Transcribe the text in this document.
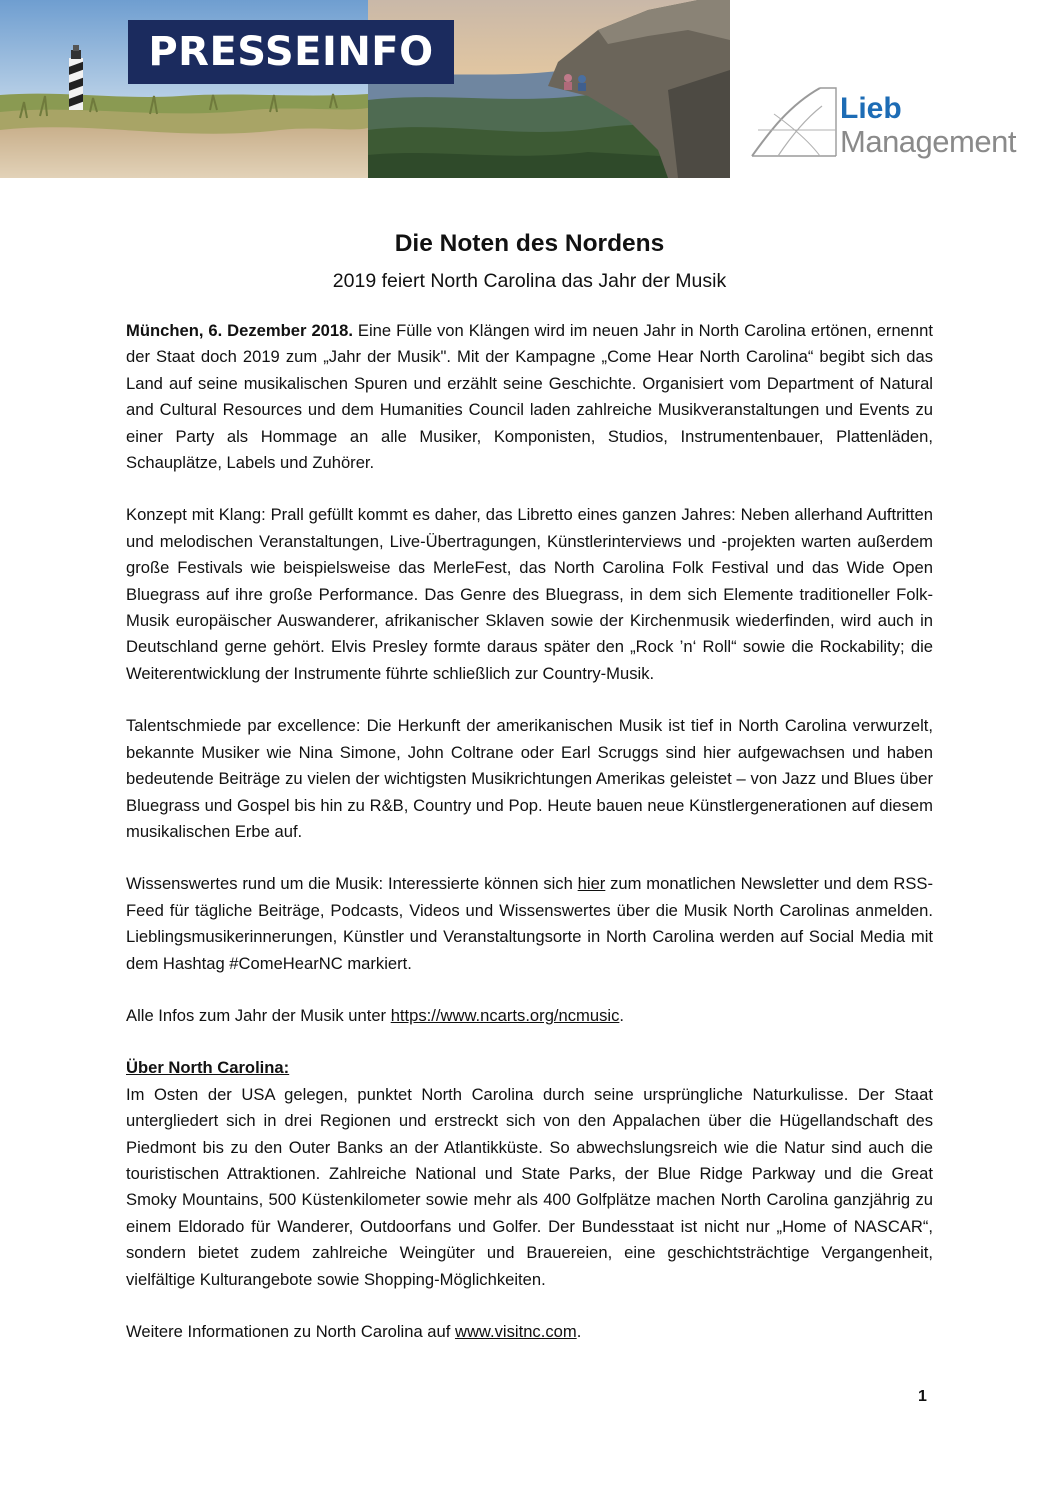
PRESSEINFO
Lieb
Management
Die Noten des Nordens
2019 feiert North Carolina das Jahr der Musik

München, 6. Dezember 2018. Eine Fülle von Klängen wird im neuen Jahr in North Carolina ertönen, ernennt der Staat doch 2019 zum „Jahr der Musik". Mit der Kampagne „Come Hear North Carolina“ begibt sich das Land auf seine musikalischen Spuren und erzählt seine Geschichte. Organisiert vom Department of Natural and Cultural Resources und dem Humanities Council laden zahlreiche Musikveranstaltungen und Events zu einer Party als Hommage an alle Musiker, Komponisten, Studios, Instrumentenbauer, Plattenläden, Schauplätze, Labels und Zuhörer.

Konzept mit Klang: Prall gefüllt kommt es daher, das Libretto eines ganzen Jahres: Neben allerhand Auftritten und melodischen Veranstaltungen, Live-Übertragungen, Künstlerinterviews und -projekten warten außerdem große Festivals wie beispielsweise das MerleFest, das North Carolina Folk Festival und das Wide Open Bluegrass auf ihre große Performance. Das Genre des Bluegrass, in dem sich Elemente traditioneller Folk-Musik europäischer Auswanderer, afrikanischer Sklaven sowie der Kirchenmusik wiederfinden, wird auch in Deutschland gerne gehört. Elvis Presley formte daraus später den „Rock ’n‘ Roll“ sowie die Rockability; die Weiterentwicklung der Instrumente führte schließlich zur Country-Musik.

Talentschmiede par excellence: Die Herkunft der amerikanischen Musik ist tief in North Carolina verwurzelt, bekannte Musiker wie Nina Simone, John Coltrane oder Earl Scruggs sind hier aufgewachsen und haben bedeutende Beiträge zu vielen der wichtigsten Musikrichtungen Amerikas geleistet – von Jazz und Blues über Bluegrass und Gospel bis hin zu R&B, Country und Pop. Heute bauen neue Künstlergenerationen auf diesem musikalischen Erbe auf.

Wissenswertes rund um die Musik: Interessierte können sich hier zum monatlichen Newsletter und dem RSS-Feed für tägliche Beiträge, Podcasts, Videos und Wissenswertes über die Musik North Carolinas anmelden. Lieblingsmusikerinnerungen, Künstler und Veranstaltungsorte in North Carolina werden auf Social Media mit dem Hashtag #ComeHearNC markiert.

Alle Infos zum Jahr der Musik unter https://www.ncarts.org/ncmusic.

Über North Carolina:

Im Osten der USA gelegen, punktet North Carolina durch seine ursprüngliche Naturkulisse. Der Staat untergliedert sich in drei Regionen und erstreckt sich von den Appalachen über die Hügellandschaft des Piedmont bis zu den Outer Banks an der Atlantikküste. So abwechslungsreich wie die Natur sind auch die touristischen Attraktionen. Zahlreiche National und State Parks, der Blue Ridge Parkway und die Great Smoky Mountains, 500 Küstenkilometer sowie mehr als 400 Golfplätze machen North Carolina ganzjährig zu einem Eldorado für Wanderer, Outdoorfans und Golfer. Der Bundesstaat ist nicht nur „Home of NASCAR“, sondern bietet zudem zahlreiche Weingüter und Brauereien, eine geschichtsträchtige Vergangenheit, vielfältige Kulturangebote sowie Shopping-Möglichkeiten.

Weitere Informationen zu North Carolina auf www.visitnc.com.

1
